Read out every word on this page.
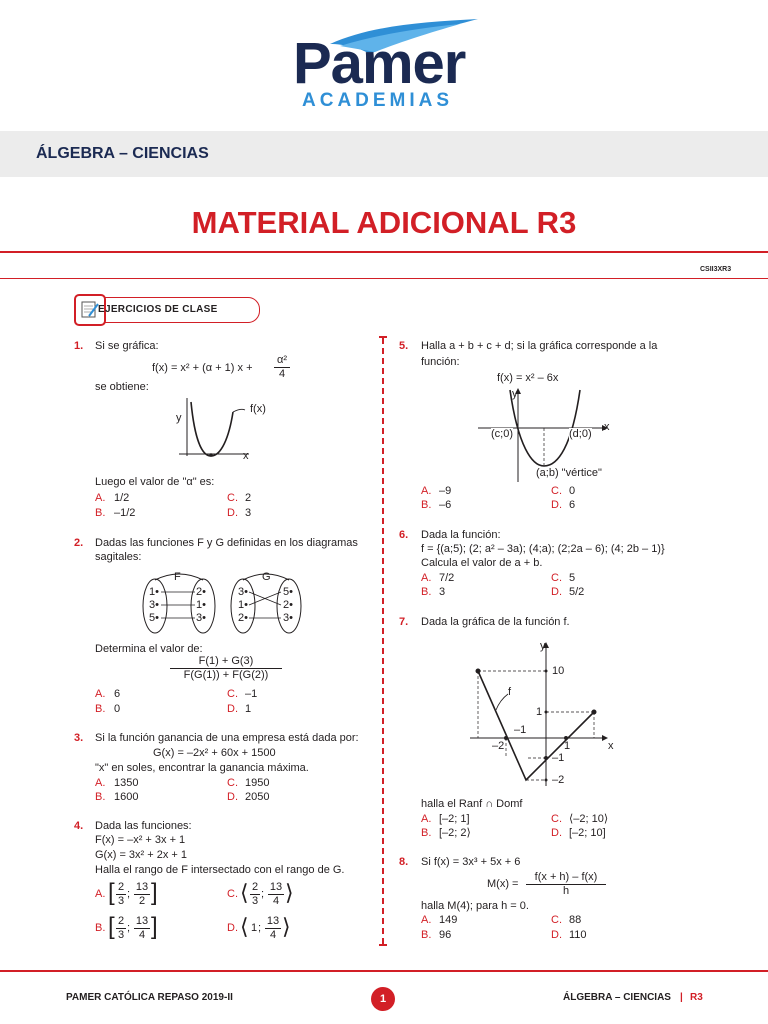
Pamer
ACADEMIAS
ÁLGEBRA – CIENCIAS
MATERIAL ADICIONAL R3
CSII3XR3
EJERCICIOS DE CLASE
1. Si se gráfica:
f(x) = x² + (α + 1) $x + \frac{\text{α²}}{4}$
se obtiene:
y
f(x)
x
Luego el valor de "α" es:
A. 1/2
B. –1/2
C. 2
D. 3
2. Dadas las funciones F y G definidas en los diagramas
sagitales:
F
1•
3•
5•
2•
1•
3•
G
3•
1•
2•
5•
2•
3•
Determina el valor de:
$\frac{F(1) + G(3)}{F(G(1)) + F(G(2))}$
A. 6
B. 0
C. –1
D. 1
3. Si la función ganancia de una empresa está dada por:
G(x) = –2x² + 60x + 1500
"x" en soles, encontrar la ganancia máxima.
A. 1350
B. 1600
C. 1950
D. 2050
4. Dada las funciones:
F(x) = –x² + 3x + 1
G(x) = 3x² + 2x + 1
Halla el rango de F intersectado con el rango de G.
A. [ $\frac{2}{3}$ ; $\frac{13}{2}$ ]
B. [ $\frac{2}{3}$ ; $\frac{13}{4}$ ]
C. ⟨ $\frac{2}{3}$ ; $\frac{13}{4}$ ⟩
D. ⟨ 1 ; $\frac{13}{4}$ ⟩
5. Halla a + b + c + d; si la gráfica corresponde a la
función:
f(x) = x² – 6x
y
x
(c;0)	(d;0)
(a;b) "vértice"
A. –9
B. –6
C. 0
D. 6
6. Dada la función:
f = {(a;5); (2; a² – 3a); (4;a); (2;2a – 6); (4; 2b – 1)}
Calcula el valor de a + b.
A. 7/2
B. 3
C. 5
D. 5/2
7. Dada la gráfica de la función f.
y
x
f
10
1
–1
–2	1
–1
–2
halla el Ranf ∩ Domf
A. [–2; 1]
B. [–2; 2⟩
C. ⟨–2; 10⟩
D. [–2; 10]
8. Si f(x) = 3x³ + 5x + 6
$M(x) = \frac{f(x + h) - f(x)}{h}$
halla M(4); para h = 0.
A. 149
B. 96
C. 88
D. 110
PAMER CATÓLICA REPASO 2019-II	1	ÁLGEBRA – CIENCIAS | R3
